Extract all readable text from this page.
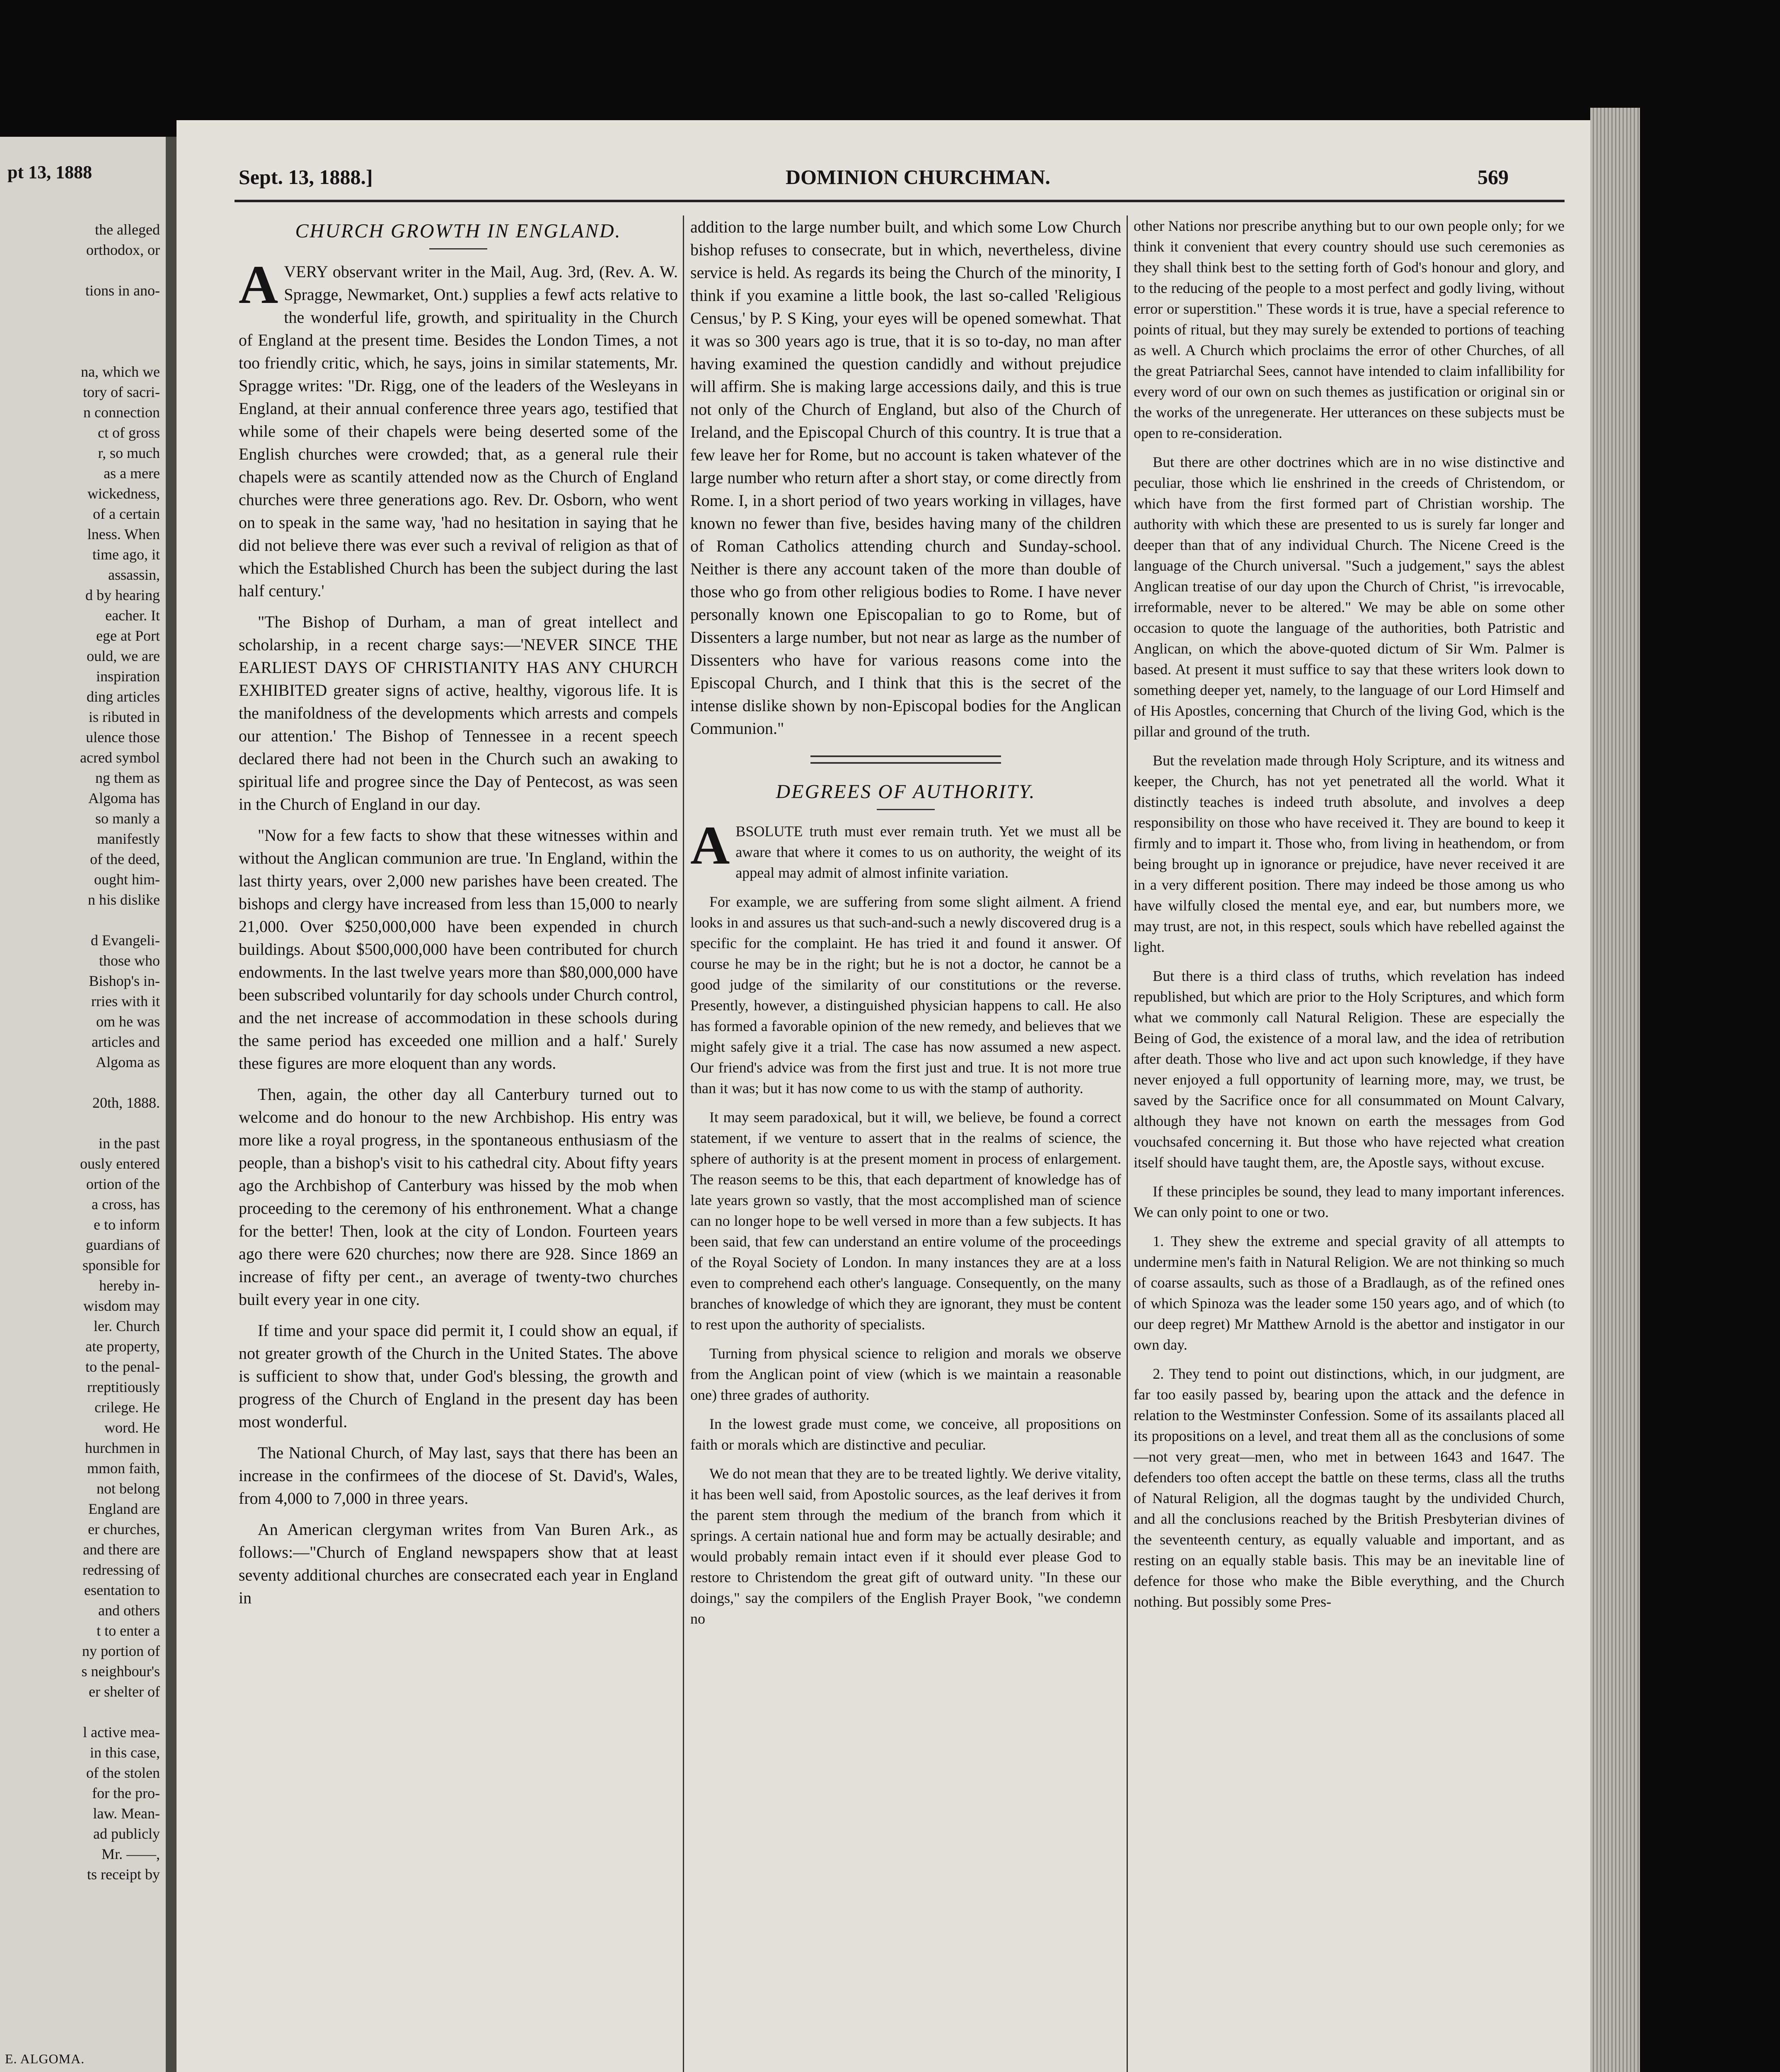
pt 13, 1888
the alleged
orthodox, or

tions in ano-

na, which we
tory of sacri-
n connection
ct of gross
r, so much
as a mere
wickedness,
of a certain
lness. When
time ago, it
assassin,
d by hearing
eacher. It
ege at Port
ould, we are
inspiration
ding articles
is ributed in
ulence those
acred symbol
ng them as
Algoma has
so manly a
manifestly
of the deed,
ought him-
n his dislike

d Evangeli-
those who
Bishop's in-
rries with it
om he was
articles and
Algoma as

20th, 1888.

in the past
ously entered
ortion of the
a cross, has
e to inform
guardians of
sponsible for
hereby in-
wisdom may
ler. Church
ate property,
to the penal-
rreptitiously
crilege. He
word. He
hurchmen in
mmon faith,
not belong
England are
er churches,
and there are
redressing of
esentation to
and others
t to enter a
ny portion of
s neighbour's
er shelter of

l active mea-
in this case,
of the stolen
for the pro-
law. Mean-
ad publicly
Mr. ——,
ts receipt by
E. ALGOMA.
Sept. 13, 1888.]	DOMINION CHURCHMAN.	569
CHURCH GROWTH IN ENGLAND.

AVERY observant writer in the Mail, Aug. 3rd, (Rev. A. W. Spragge, Newmarket, Ont.) supplies a fewf acts relative to the wonderful life, growth, and spirituality in the Church of England at the present time. Besides the London Times, a not too friendly critic, which, he says, joins in similar statements, Mr. Spragge writes: "Dr. Rigg, one of the leaders of the Wesleyans in England, at their annual conference three years ago, testified that while some of their chapels were being deserted some of the English churches were crowded; that, as a general rule their chapels were as scantily attended now as the Church of England churches were three generations ago. Rev. Dr. Osborn, who went on to speak in the same way, 'had no hesitation in saying that he did not believe there was ever such a revival of religion as that of which the Established Church has been the subject during the last half century.'

"The Bishop of Durham, a man of great intellect and scholarship, in a recent charge says:—'NEVER SINCE THE EARLIEST DAYS OF CHRISTIANITY HAS ANY CHURCH EXHIBITED greater signs of active, healthy, vigorous life. It is the manifoldness of the developments which arrests and compels our attention.' The Bishop of Tennessee in a recent speech declared there had not been in the Church such an awaking to spiritual life and progree since the Day of Pentecost, as was seen in the Church of England in our day.

"Now for a few facts to show that these witnesses within and without the Anglican communion are true. 'In England, within the last thirty years, over 2,000 new parishes have been created. The bishops and clergy have increased from less than 15,000 to nearly 21,000. Over $250,000,000 have been expended in church buildings. About $500,000,000 have been contributed for church endowments. In the last twelve years more than $80,000,000 have been subscribed voluntarily for day schools under Church control, and the net increase of accommodation in these schools during the same period has exceeded one million and a half.' Surely these figures are more eloquent than any words.

Then, again, the other day all Canterbury turned out to welcome and do honour to the new Archbishop. His entry was more like a royal progress, in the spontaneous enthusiasm of the people, than a bishop's visit to his cathedral city. About fifty years ago the Archbishop of Canterbury was hissed by the mob when proceeding to the ceremony of his enthronement. What a change for the better! Then, look at the city of London. Fourteen years ago there were 620 churches; now there are 928. Since 1869 an increase of fifty per cent., an average of twenty-two churches built every year in one city.

If time and your space did permit it, I could show an equal, if not greater growth of the Church in the United States. The above is sufficient to show that, under God's blessing, the growth and progress of the Church of England in the present day has been most wonderful.

The National Church, of May last, says that there has been an increase in the confirmees of the diocese of St. David's, Wales, from 4,000 to 7,000 in three years.

An American clergyman writes from Van Buren Ark., as follows:—"Church of England newspapers show that at least seventy additional churches are consecrated each year in England in

addition to the large number built, and which some Low Church bishop refuses to consecrate, but in which, nevertheless, divine service is held. As regards its being the Church of the minority, I think if you examine a little book, the last so-called 'Religious Census,' by P. S King, your eyes will be opened somewhat. That it was so 300 years ago is true, that it is so to-day, no man after having examined the question candidly and without prejudice will affirm. She is making large accessions daily, and this is true not only of the Church of England, but also of the Church of Ireland, and the Episcopal Church of this country. It is true that a few leave her for Rome, but no account is taken whatever of the large number who return after a short stay, or come directly from Rome. I, in a short period of two years working in villages, have known no fewer than five, besides having many of the children of Roman Catholics attending church and Sunday-school. Neither is there any account taken of the more than double of those who go from other religious bodies to Rome. I have never personally known one Episcopalian to go to Rome, but of Dissenters a large number, but not near as large as the number of Dissenters who have for various reasons come into the Episcopal Church, and I think that this is the secret of the intense dislike shown by non-Episcopal bodies for the Anglican Communion."

DEGREES OF AUTHORITY.

ABSOLUTE truth must ever remain truth. Yet we must all be aware that where it comes to us on authority, the weight of its appeal may admit of almost infinite variation.

For example, we are suffering from some slight ailment. A friend looks in and assures us that such-and-such a newly discovered drug is a specific for the complaint. He has tried it and found it answer. Of course he may be in the right; but he is not a doctor, he cannot be a good judge of the similarity of our constitutions or the reverse. Presently, however, a distinguished physician happens to call. He also has formed a favorable opinion of the new remedy, and believes that we might safely give it a trial. The case has now assumed a new aspect. Our friend's advice was from the first just and true. It is not more true than it was; but it has now come to us with the stamp of authority.

It may seem paradoxical, but it will, we believe, be found a correct statement, if we venture to assert that in the realms of science, the sphere of authority is at the present moment in process of enlargement. The reason seems to be this, that each department of knowledge has of late years grown so vastly, that the most accomplished man of science can no longer hope to be well versed in more than a few subjects. It has been said, that few can understand an entire volume of the proceedings of the Royal Society of London. In many instances they are at a loss even to comprehend each other's language. Consequently, on the many branches of knowledge of which they are ignorant, they must be content to rest upon the authority of specialists.

Turning from physical science to religion and morals we observe from the Anglican point of view (which is we maintain a reasonable one) three grades of authority.

In the lowest grade must come, we conceive, all propositions on faith or morals which are distinctive and peculiar.

We do not mean that they are to be treated lightly. We derive vitality, it has been well said, from Apostolic sources, as the leaf derives it from the parent stem through the medium of the branch from which it springs. A certain national hue and form may be actually desirable; and would probably remain intact even if it should ever please God to restore to Christendom the great gift of outward unity. "In these our doings," say the compilers of the English Prayer Book, "we condemn no

other Nations nor prescribe anything but to our own people only; for we think it convenient that every country should use such ceremonies as they shall think best to the setting forth of God's honour and glory, and to the reducing of the people to a most perfect and godly living, without error or superstition." These words it is true, have a special reference to points of ritual, but they may surely be extended to portions of teaching as well. A Church which proclaims the error of other Churches, of all the great Patriarchal Sees, cannot have intended to claim infallibility for every word of our own on such themes as justification or original sin or the works of the unregenerate. Her utterances on these subjects must be open to re-consideration.

But there are other doctrines which are in no wise distinctive and peculiar, those which lie enshrined in the creeds of Christendom, or which have from the first formed part of Christian worship. The authority with which these are presented to us is surely far longer and deeper than that of any individual Church. The Nicene Creed is the language of the Church universal. "Such a judgement," says the ablest Anglican treatise of our day upon the Church of Christ, "is irrevocable, irreformable, never to be altered." We may be able on some other occasion to quote the language of the authorities, both Patristic and Anglican, on which the above-quoted dictum of Sir Wm. Palmer is based. At present it must suffice to say that these writers look down to something deeper yet, namely, to the language of our Lord Himself and of His Apostles, concerning that Church of the living God, which is the pillar and ground of the truth.

But the revelation made through Holy Scripture, and its witness and keeper, the Church, has not yet penetrated all the world. What it distinctly teaches is indeed truth absolute, and involves a deep responsibility on those who have received it. They are bound to keep it firmly and to impart it. Those who, from living in heathendom, or from being brought up in ignorance or prejudice, have never received it are in a very different position. There may indeed be those among us who have wilfully closed the mental eye, and ear, but numbers more, we may trust, are not, in this respect, souls which have rebelled against the light.

But there is a third class of truths, which revelation has indeed republished, but which are prior to the Holy Scriptures, and which form what we commonly call Natural Religion. These are especially the Being of God, the existence of a moral law, and the idea of retribution after death. Those who live and act upon such knowledge, if they have never enjoyed a full opportunity of learning more, may, we trust, be saved by the Sacrifice once for all consummated on Mount Calvary, although they have not known on earth the messages from God vouchsafed concerning it. But those who have rejected what creation itself should have taught them, are, the Apostle says, without excuse.

If these principles be sound, they lead to many important inferences. We can only point to one or two.

1. They shew the extreme and special gravity of all attempts to undermine men's faith in Natural Religion. We are not thinking so much of coarse assaults, such as those of a Bradlaugh, as of the refined ones of which Spinoza was the leader some 150 years ago, and of which (to our deep regret) Mr Matthew Arnold is the abettor and instigator in our own day.

2. They tend to point out distinctions, which, in our judgment, are far too easily passed by, bearing upon the attack and the defence in relation to the Westminster Confession. Some of its assailants placed all its propositions on a level, and treat them all as the conclusions of some—not very great—men, who met in between 1643 and 1647. The defenders too often accept the battle on these terms, class all the truths of Natural Religion, all the dogmas taught by the undivided Church, and all the conclusions reached by the British Presbyterian divines of the seventeenth century, as equally valuable and important, and as resting on an equally stable basis. This may be an inevitable line of defence for those who make the Bible everything, and the Church nothing. But possibly some Pres-
